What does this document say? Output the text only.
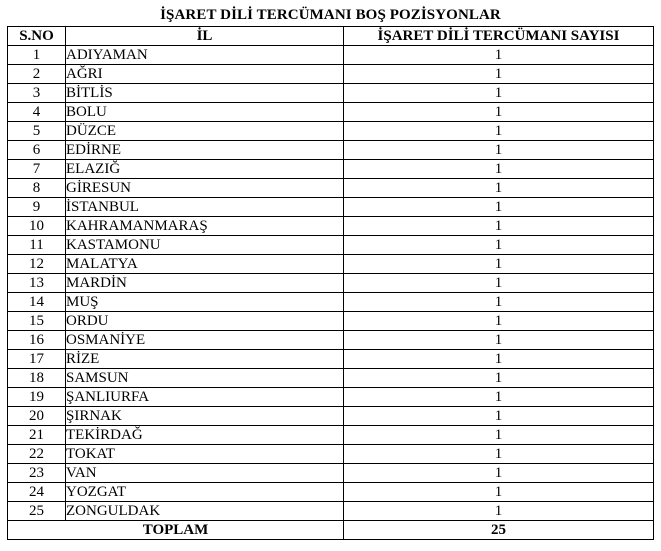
İŞARET DİLİ TERCÜMANI BOŞ POZİSYONLAR
S.NO	İL	İŞARET DİLİ TERCÜMANI SAYISI
1	ADIYAMAN	1
2	AĞRI	1
3	BİTLİS	1
4	BOLU	1
5	DÜZCE	1
6	EDİRNE	1
7	ELAZIĞ	1
8	GİRESUN	1
9	İSTANBUL	1
10	KAHRAMANMARAŞ	1
11	KASTAMONU	1
12	MALATYA	1
13	MARDİN	1
14	MUŞ	1
15	ORDU	1
16	OSMANİYE	1
17	RİZE	1
18	SAMSUN	1
19	ŞANLIURFA	1
20	ŞIRNAK	1
21	TEKİRDAĞ	1
22	TOKAT	1
23	VAN	1
24	YOZGAT	1
25	ZONGULDAK	1
TOPLAM		25
